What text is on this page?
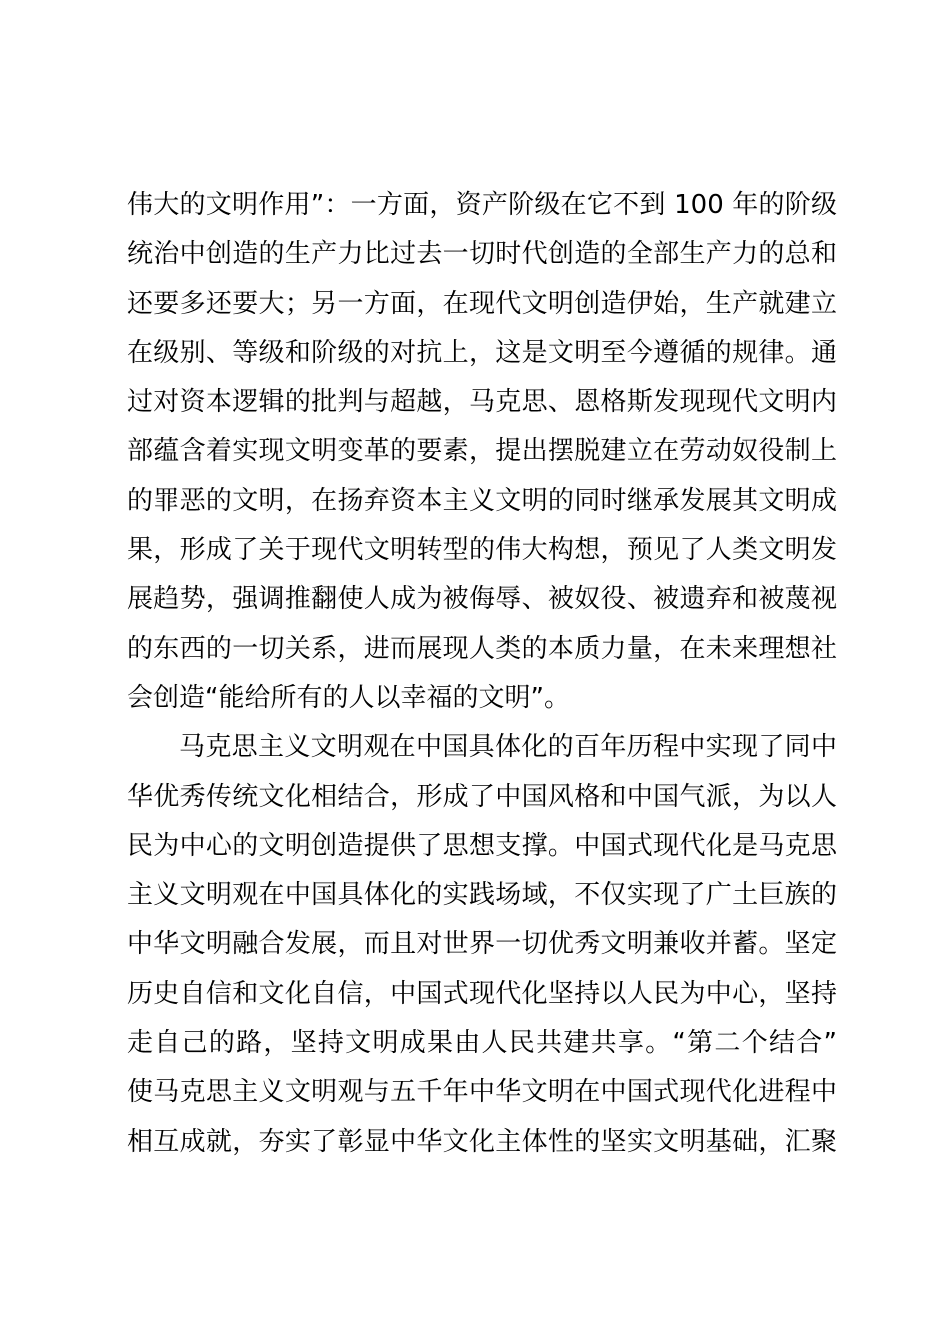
伟大的文明作用”：一方面，资产阶级在它不到 100 年的阶级
统治中创造的生产力比过去一切时代创造的全部生产力的总和
还要多还要大；另一方面，在现代文明创造伊始，生产就建立
在级别、等级和阶级的对抗上，这是文明至今遵循的规律。通
过对资本逻辑的批判与超越，马克思、恩格斯发现现代文明内
部蕴含着实现文明变革的要素，提出摆脱建立在劳动奴役制上
的罪恶的文明，在扬弃资本主义文明的同时继承发展其文明成
果，形成了关于现代文明转型的伟大构想，预见了人类文明发
展趋势，强调推翻使人成为被侮辱、被奴役、被遗弃和被蔑视
的东西的一切关系，进而展现人类的本质力量，在未来理想社
会创造“能给所有的人以幸福的文明”。
马克思主义文明观在中国具体化的百年历程中实现了同中
华优秀传统文化相结合，形成了中国风格和中国气派，为以人
民为中心的文明创造提供了思想支撑。中国式现代化是马克思
主义文明观在中国具体化的实践场域，不仅实现了广土巨族的
中华文明融合发展，而且对世界一切优秀文明兼收并蓄。坚定
历史自信和文化自信，中国式现代化坚持以人民为中心，坚持
走自己的路，坚持文明成果由人民共建共享。“第二个结合”
使马克思主义文明观与五千年中华文明在中国式现代化进程中
相互成就，夯实了彰显中华文化主体性的坚实文明基础，汇聚
